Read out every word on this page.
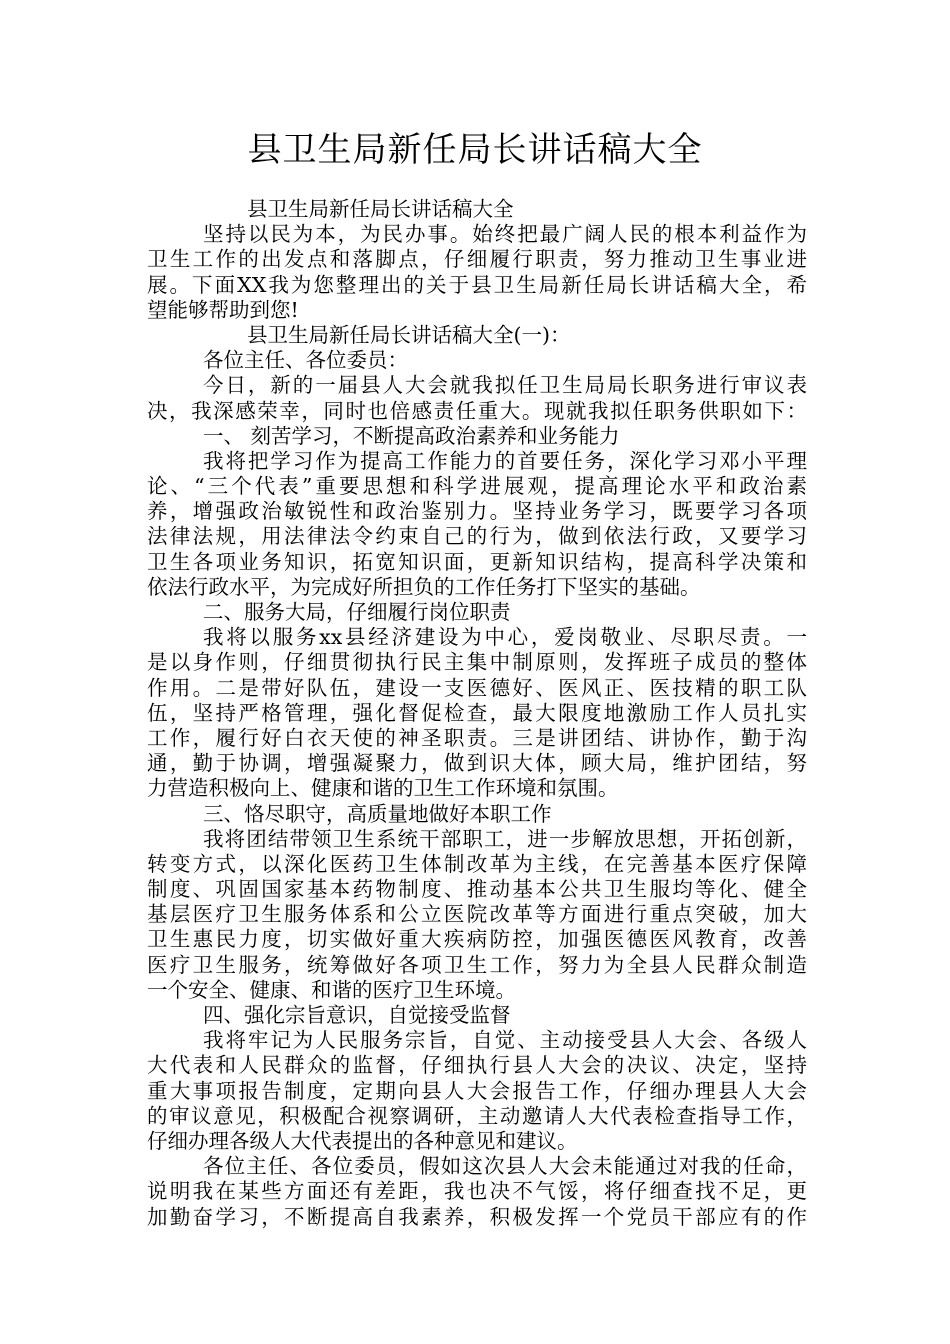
县卫生局新任局长讲话稿大全
县卫生局新任局长讲话稿大全
坚持以民为本，为民办事。始终把最广阔人民的根本利益作为
卫生工作的出发点和落脚点，仔细履行职责，努力推动卫生事业进
展。下面XX我为您整理出的关于县卫生局新任局长讲话稿大全，希
望能够帮助到您!
县卫生局新任局长讲话稿大全(一)：
各位主任、各位委员：
今日，新的一届县人大会就我拟任卫生局局长职务进行审议表
决，我深感荣幸，同时也倍感责任重大。现就我拟任职务供职如下：
一、 刻苦学习，不断提高政治素养和业务能力
我将把学习作为提高工作能力的首要任务，深化学习邓小平理
论、“三个代表”重要思想和科学进展观，提高理论水平和政治素
养，增强政治敏锐性和政治鉴别力。坚持业务学习，既要学习各项
法律法规，用法律法令约束自己的行为，做到依法行政，又要学习
卫生各项业务知识，拓宽知识面，更新知识结构，提高科学决策和
依法行政水平，为完成好所担负的工作任务打下坚实的基础。
二、服务大局，仔细履行岗位职责
我将以服务xx县经济建设为中心，爱岗敬业、尽职尽责。一
是以身作则，仔细贯彻执行民主集中制原则，发挥班子成员的整体
作用。二是带好队伍，建设一支医德好、医风正、医技精的职工队
伍，坚持严格管理，强化督促检查，最大限度地激励工作人员扎实
工作，履行好白衣天使的神圣职责。三是讲团结、讲协作，勤于沟
通，勤于协调，增强凝聚力，做到识大体，顾大局，维护团结，努
力营造积极向上、健康和谐的卫生工作环境和氛围。
三、恪尽职守，高质量地做好本职工作
我将团结带领卫生系统干部职工，进一步解放思想，开拓创新，
转变方式，以深化医药卫生体制改革为主线，在完善基本医疗保障
制度、巩固国家基本药物制度、推动基本公共卫生服均等化、健全
基层医疗卫生服务体系和公立医院改革等方面进行重点突破，加大
卫生惠民力度，切实做好重大疾病防控，加强医德医风教育，改善
医疗卫生服务，统筹做好各项卫生工作，努力为全县人民群众制造
一个安全、健康、和谐的医疗卫生环境。
四、强化宗旨意识，自觉接受监督
我将牢记为人民服务宗旨，自觉、主动接受县人大会、各级人
大代表和人民群众的监督，仔细执行县人大会的决议、决定，坚持
重大事项报告制度，定期向县人大会报告工作，仔细办理县人大会
的审议意见，积极配合视察调研，主动邀请人大代表检查指导工作，
仔细办理各级人大代表提出的各种意见和建议。
各位主任、各位委员，假如这次县人大会未能通过对我的任命，
说明我在某些方面还有差距，我也决不气馁，将仔细查找不足，更
加勤奋学习，不断提高自我素养，积极发挥一个党员干部应有的作
